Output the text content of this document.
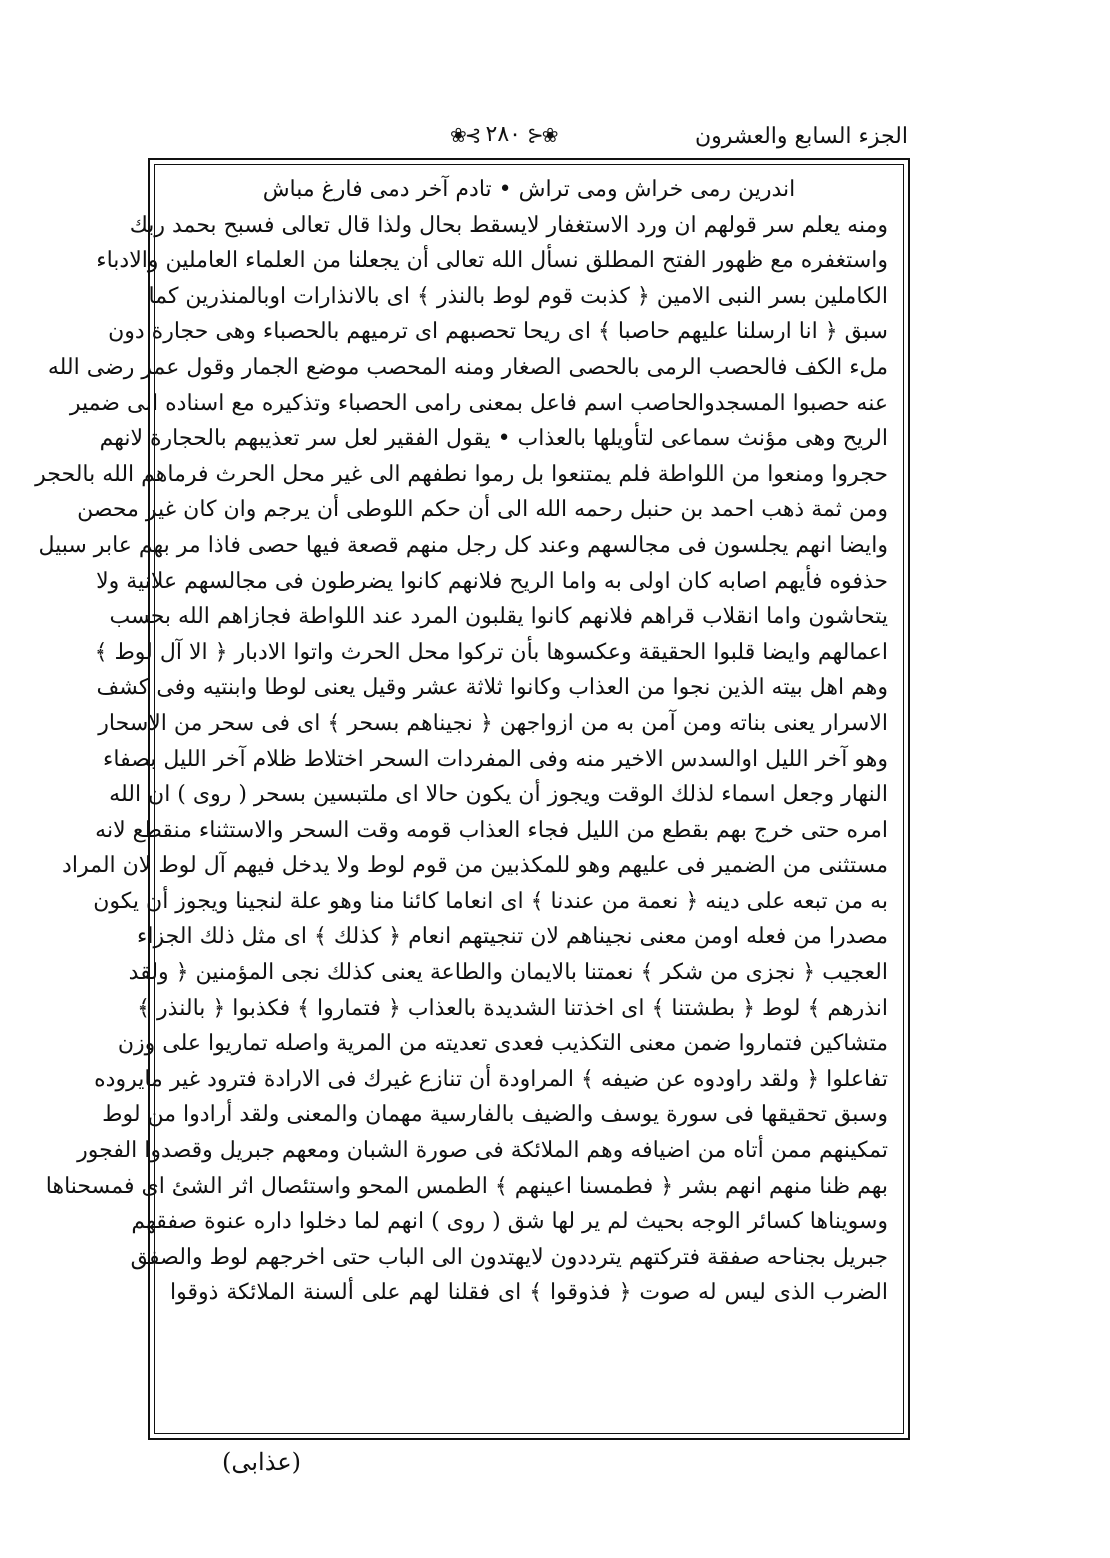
الجزء السابع والعشرون
❀⊰ ٢٨٠ ⊱❀
اندرين رمى خراش ومى تراش • تادم آخر دمى فارغ مباش
ومنه يعلم سر قولهم ان ورد الاستغفار لايسقط بحال ولذا قال تعالى فسبح بحمد ربك
واستغفره مع ظهور الفتح المطلق نسأل الله تعالى أن يجعلنا من العلماء العاملين والادباء
الكاملين بسر النبى الامين ﴿ كذبت قوم لوط بالنذر ﴾ اى بالانذارات اوبالمنذرين كما
سبق ﴿ انا ارسلنا عليهم حاصبا ﴾ اى ريحا تحصبهم اى ترميهم بالحصباء وهى حجارة دون
ملء الكف فالحصب الرمى بالحصى الصغار ومنه المحصب موضع الجمار وقول عمر رضى الله
عنه حصبوا المسجدوالحاصب اسم فاعل بمعنى رامى الحصباء وتذكيره مع اسناده الى ضمير
الريح وهى مؤنث سماعى لتأويلها بالعذاب • يقول الفقير لعل سر تعذيبهم بالحجارة لانهم
حجروا ومنعوا من اللواطة فلم يمتنعوا بل رموا نطفهم الى غير محل الحرث فرماهم الله بالحجر
ومن ثمة ذهب احمد بن حنبل رحمه الله الى أن حكم اللوطى أن يرجم وان كان غير محصن
وايضا انهم يجلسون فى مجالسهم وعند كل رجل منهم قصعة فيها حصى فاذا مر بهم عابر سبيل
حذفوه فأيهم اصابه كان اولى به واما الريح فلانهم كانوا يضرطون فى مجالسهم علانية ولا
يتحاشون واما انقلاب قراهم فلانهم كانوا يقلبون المرد عند اللواطة فجازاهم الله بحسب
اعمالهم وايضا قلبوا الحقيقة وعكسوها بأن تركوا محل الحرث واتوا الادبار ﴿ الا آل لوط ﴾
وهم اهل بيته الذين نجوا من العذاب وكانوا ثلاثة عشر وقيل يعنى لوطا وابنتيه وفى كشف
الاسرار يعنى بناته ومن آمن به من ازواجهن ﴿ نجيناهم بسحر ﴾ اى فى سحر من الاسحار
وهو آخر الليل اوالسدس الاخير منه وفى المفردات السحر اختلاط ظلام آخر الليل بصفاء
النهار وجعل اسماء لذلك الوقت ويجوز أن يكون حالا اى ملتبسين بسحر ( روى ) ان الله
امره حتى خرج بهم بقطع من الليل فجاء العذاب قومه وقت السحر والاستثناء منقطع لانه
مستثنى من الضمير فى عليهم وهو للمكذبين من قوم لوط ولا يدخل فيهم آل لوط لان المراد
به من تبعه على دينه ﴿ نعمة من عندنا ﴾ اى انعاما كائنا منا وهو علة لنجينا ويجوز أن يكون
مصدرا من فعله اومن معنى نجيناهم لان تنجيتهم انعام ﴿ كذلك ﴾ اى مثل ذلك الجزاء
العجيب ﴿ نجزى من شكر ﴾ نعمتنا بالايمان والطاعة يعنى كذلك نجى المؤمنين ﴿ ولقد
انذرهم ﴾ لوط ﴿ بطشتنا ﴾ اى اخذتنا الشديدة بالعذاب ﴿ فتماروا ﴾ فكذبوا ﴿ بالنذر ﴾
متشاكين فتماروا ضمن معنى التكذيب فعدى تعديته من المرية واصله تماريوا على وزن
تفاعلوا ﴿ ولقد راودوه عن ضيفه ﴾ المراودة أن تنازع غيرك فى الارادة فترود غير مايروده
وسبق تحقيقها فى سورة يوسف والضيف بالفارسية مهمان والمعنى ولقد أرادوا من لوط
تمكينهم ممن أتاه من اضيافه وهم الملائكة فى صورة الشبان ومعهم جبريل وقصدوا الفجور
بهم ظنا منهم انهم بشر ﴿ فطمسنا اعينهم ﴾ الطمس المحو واستئصال اثر الشئ اى فمسحناها
وسويناها كسائر الوجه بحيث لم ير لها شق ( روى ) انهم لما دخلوا داره عنوة صفقهم
جبريل بجناحه صفقة فتركتهم يترددون لايهتدون الى الباب حتى اخرجهم لوط والصفق
الضرب الذى ليس له صوت ﴿ فذوقوا ﴾ اى فقلنا لهم على ألسنة الملائكة ذوقوا
(عذابى)
